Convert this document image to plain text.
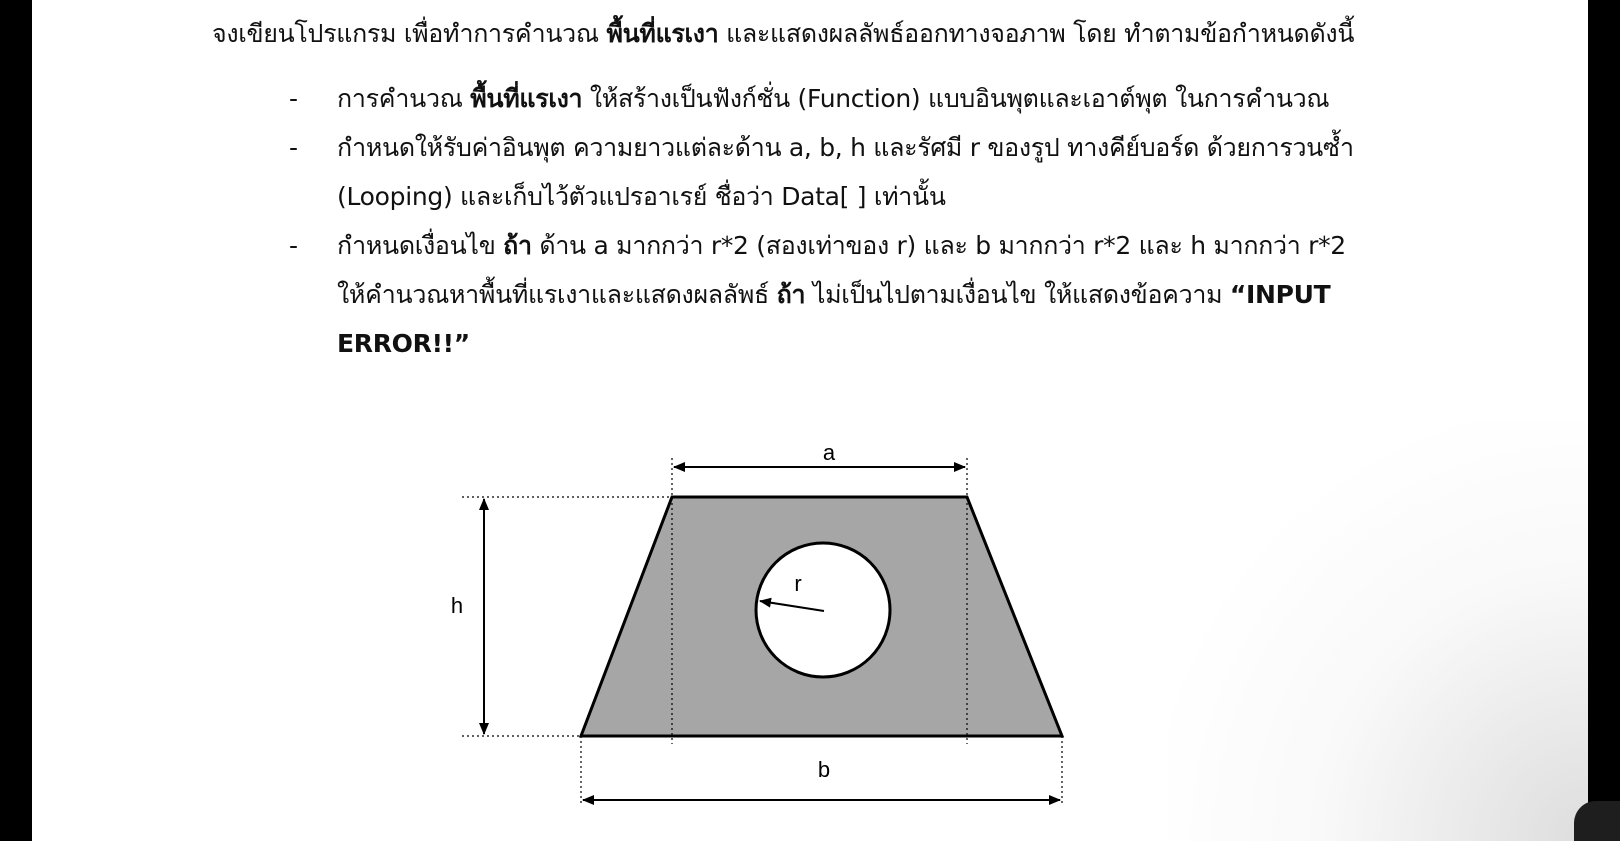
จงเขียนโปรแกรม เพื่อทำการคำนวณ พื้นที่แรเงา และแสดงผลลัพธ์ออกทางจอภาพ โดย ทำตามข้อกำหนดดังนี้
- การคำนวณ พื้นที่แรเงา ให้สร้างเป็นฟังก์ชั่น (Function) แบบอินพุตและเอาต์พุต ในการคำนวณ
- กำหนดให้รับค่าอินพุต ความยาวแต่ละด้าน a, b, h และรัศมี r ของรูป ทางคีย์บอร์ด ด้วยการวนซ้ำ
(Looping) และเก็บไว้ตัวแปรอาเรย์ ชื่อว่า Data[ ] เท่านั้น
- กำหนดเงื่อนไข ถ้า ด้าน a มากกว่า r*2 (สองเท่าของ r) และ b มากกว่า r*2 และ h มากกว่า r*2
ให้คำนวณหาพื้นที่แรเงาและแสดงผลลัพธ์ ถ้า ไม่เป็นไปตามเงื่อนไข ให้แสดงข้อความ “INPUT
ERROR!!”
a
h
b
r
